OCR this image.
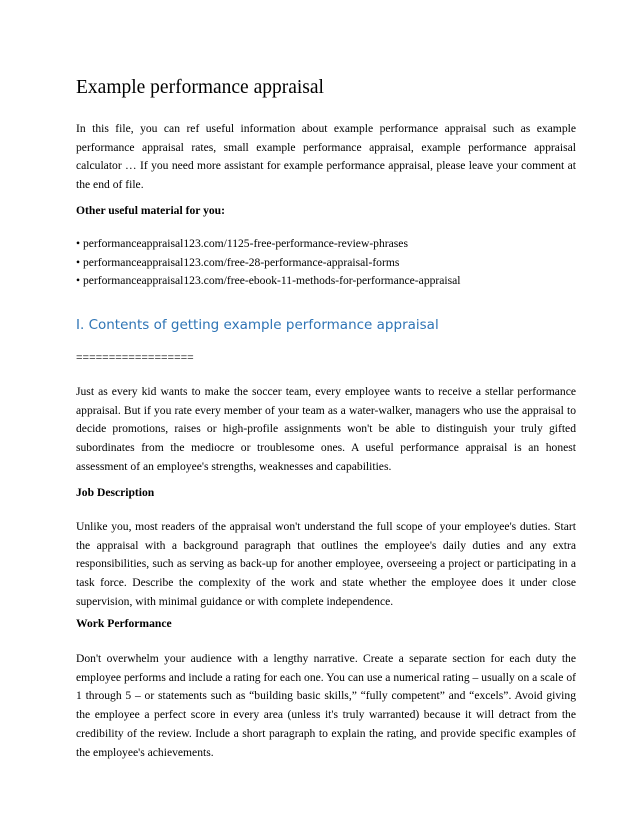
Example performance appraisal
In this file, you can ref useful information about example performance appraisal such as example performance appraisal rates, small example performance appraisal, example performance appraisal calculator … If you need more assistant for example performance appraisal, please leave your comment at the end of file.
Other useful material for you:
• performanceappraisal123.com/1125-free-performance-review-phrases
• performanceappraisal123.com/free-28-performance-appraisal-forms
• performanceappraisal123.com/free-ebook-11-methods-for-performance-appraisal
I. Contents of getting example performance appraisal
==================
Just as every kid wants to make the soccer team, every employee wants to receive a stellar performance appraisal. But if you rate every member of your team as a water-walker, managers who use the appraisal to decide promotions, raises or high-profile assignments won't be able to distinguish your truly gifted subordinates from the mediocre or troublesome ones. A useful performance appraisal is an honest assessment of an employee's strengths, weaknesses and capabilities.
Job Description
Unlike you, most readers of the appraisal won't understand the full scope of your employee's duties. Start the appraisal with a background paragraph that outlines the employee's daily duties and any extra responsibilities, such as serving as back-up for another employee, overseeing a project or participating in a task force. Describe the complexity of the work and state whether the employee does it under close supervision, with minimal guidance or with complete independence.
Work Performance
Don't overwhelm your audience with a lengthy narrative. Create a separate section for each duty the employee performs and include a rating for each one. You can use a numerical rating – usually on a scale of 1 through 5 – or statements such as “building basic skills,” “fully competent” and “excels”. Avoid giving the employee a perfect score in every area (unless it's truly warranted) because it will detract from the credibility of the review. Include a short paragraph to explain the rating, and provide specific examples of the employee's achievements.
